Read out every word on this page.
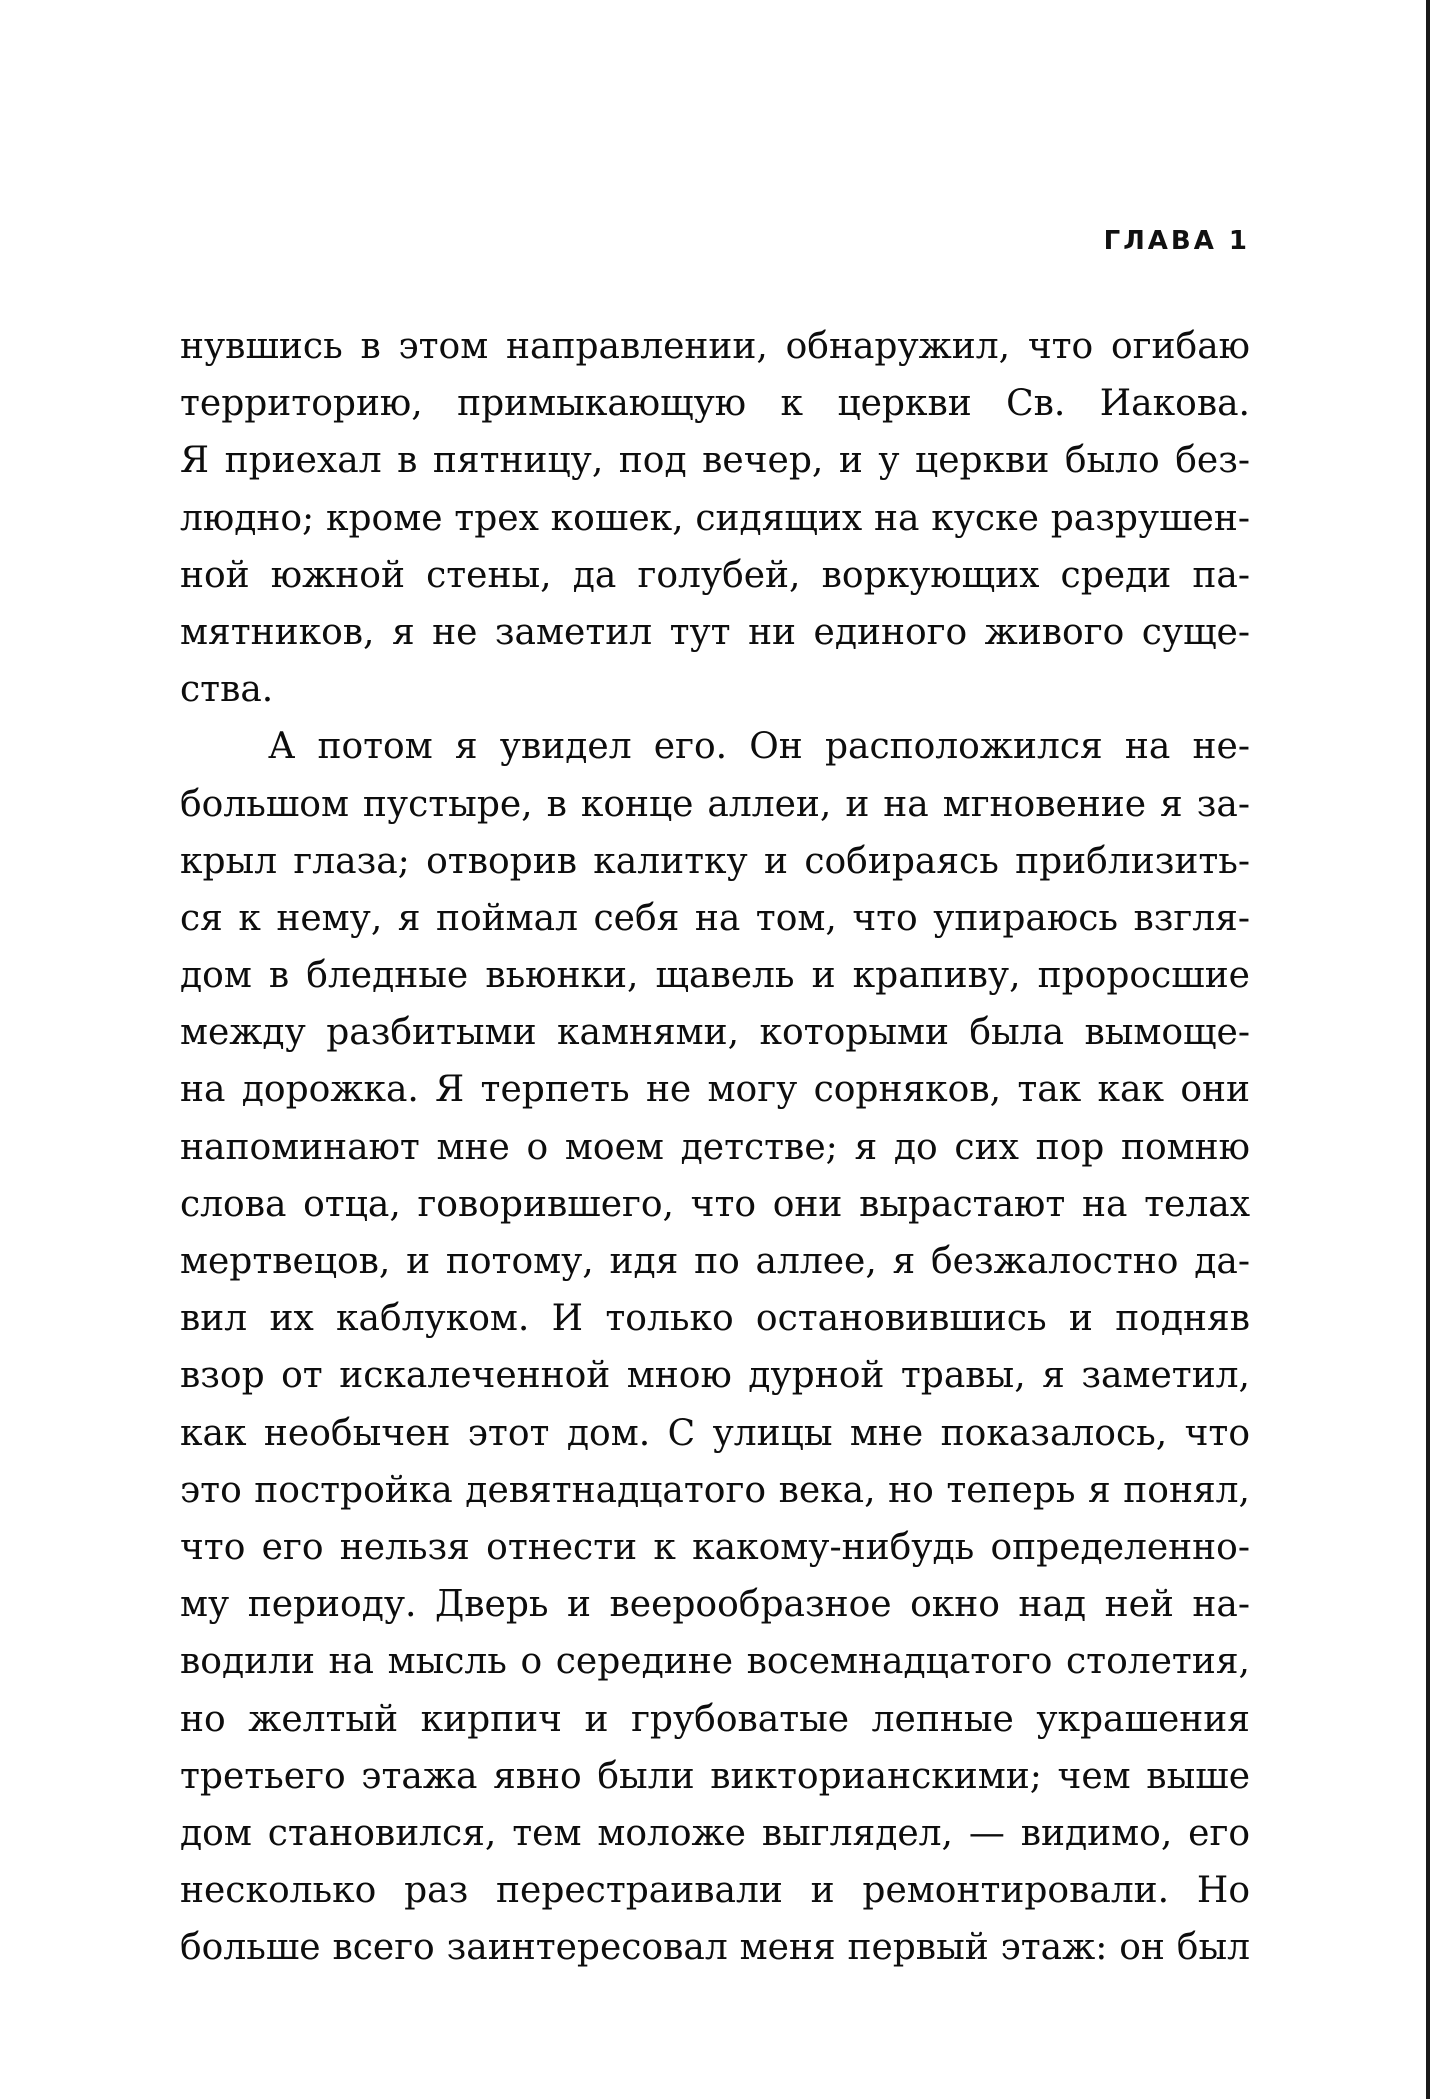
ГЛАВА 1
нувшись в этом направлении, обнаружил, что огибаю
территорию, примыкающую к церкви Св. Иакова.
Я приехал в пятницу, под вечер, и у церкви было без-
людно; кроме трех кошек, сидящих на куске разрушен-
ной южной стены, да голубей, воркующих среди па-
мятников, я не заметил тут ни единого живого суще-
ства.
А потом я увидел его. Он расположился на не-
большом пустыре, в конце аллеи, и на мгновение я за-
крыл глаза; отворив калитку и собираясь приблизить-
ся к нему, я поймал себя на том, что упираюсь взгля-
дом в бледные вьюнки, щавель и крапиву, проросшие
между разбитыми камнями, которыми была вымоще-
на дорожка. Я терпеть не могу сорняков, так как они
напоминают мне о моем детстве; я до сих пор помню
слова отца, говорившего, что они вырастают на телах
мертвецов, и потому, идя по аллее, я безжалостно да-
вил их каблуком. И только остановившись и подняв
взор от искалеченной мною дурной травы, я заметил,
как необычен этот дом. С улицы мне показалось, что
это постройка девятнадцатого века, но теперь я понял,
что его нельзя отнести к какому-нибудь определенно-
му периоду. Дверь и веерообразное окно над ней на-
водили на мысль о середине восемнадцатого столетия,
но желтый кирпич и грубоватые лепные украшения
третьего этажа явно были викторианскими; чем выше
дом становился, тем моложе выглядел, — видимо, его
несколько раз перестраивали и ремонтировали. Но
больше всего заинтересовал меня первый этаж: он был
